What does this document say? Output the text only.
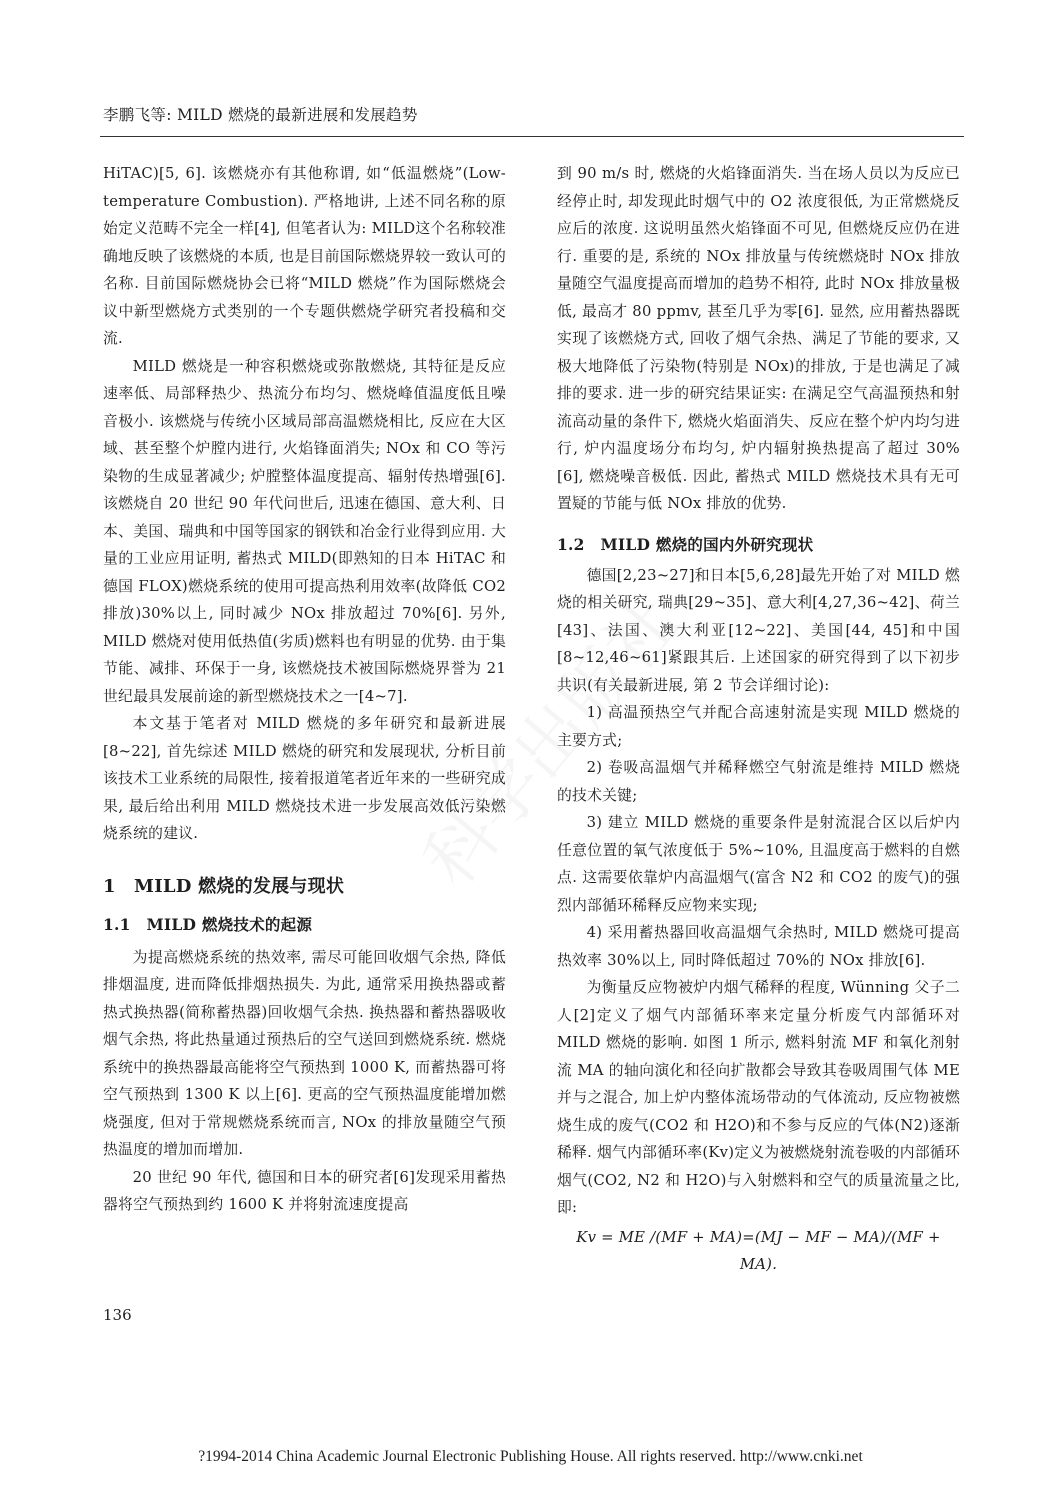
李鹏飞等: MILD 燃烧的最新进展和发展趋势

HiTAC)[5, 6]. 该燃烧亦有其他称谓, 如“低温燃烧”(Low-temperature Combustion). 严格地讲, 上述不同名称的原始定义范畴不完全一样[4], 但笔者认为: MILD这个名称较准确地反映了该燃烧的本质, 也是目前国际燃烧界较一致认可的名称. 目前国际燃烧协会已将“MILD 燃烧”作为国际燃烧会议中新型燃烧方式类别的一个专题供燃烧学研究者投稿和交流.

MILD 燃烧是一种容积燃烧或弥散燃烧, 其特征是反应速率低、局部释热少、热流分布均匀、燃烧峰值温度低且噪音极小. 该燃烧与传统小区域局部高温燃烧相比, 反应在大区域、甚至整个炉膛内进行, 火焰锋面消失; NOx 和 CO 等污染物的生成显著减少; 炉膛整体温度提高、辐射传热增强[6]. 该燃烧自 20 世纪 90 年代问世后, 迅速在德国、意大利、日本、美国、瑞典和中国等国家的钢铁和冶金行业得到应用. 大量的工业应用证明, 蓄热式 MILD(即熟知的日本 HiTAC 和德国 FLOX)燃烧系统的使用可提高热利用效率(故降低 CO2 排放)30%以上, 同时减少 NOx 排放超过 70%[6]. 另外, MILD 燃烧对使用低热值(劣质)燃料也有明显的优势. 由于集节能、减排、环保于一身, 该燃烧技术被国际燃烧界誉为 21 世纪最具发展前途的新型燃烧技术之一[4~7].

本文基于笔者对 MILD 燃烧的多年研究和最新进展[8~22], 首先综述 MILD 燃烧的研究和发展现状, 分析目前该技术工业系统的局限性, 接着报道笔者近年来的一些研究成果, 最后给出利用 MILD 燃烧技术进一步发展高效低污染燃烧系统的建议.

1　MILD 燃烧的发展与现状
1.1　MILD 燃烧技术的起源

为提高燃烧系统的热效率, 需尽可能回收烟气余热, 降低排烟温度, 进而降低排烟热损失. 为此, 通常采用换热器或蓄热式换热器(简称蓄热器)回收烟气余热. 换热器和蓄热器吸收烟气余热, 将此热量通过预热后的空气送回到燃烧系统. 燃烧系统中的换热器最高能将空气预热到 1000 K, 而蓄热器可将空气预热到 1300 K 以上[6]. 更高的空气预热温度能增加燃烧强度, 但对于常规燃烧系统而言, NOx 的排放量随空气预热温度的增加而增加.

20 世纪 90 年代, 德国和日本的研究者[6]发现采用蓄热器将空气预热到约 1600 K 并将射流速度提高

到 90 m/s 时, 燃烧的火焰锋面消失. 当在场人员以为反应已经停止时, 却发现此时烟气中的 O2 浓度很低, 为正常燃烧反应后的浓度. 这说明虽然火焰锋面不可见, 但燃烧反应仍在进行. 重要的是, 系统的 NOx 排放量与传统燃烧时 NOx 排放量随空气温度提高而增加的趋势不相符, 此时 NOx 排放量极低, 最高才 80 ppmv, 甚至几乎为零[6]. 显然, 应用蓄热器既实现了该燃烧方式, 回收了烟气余热、满足了节能的要求, 又极大地降低了污染物(特别是 NOx)的排放, 于是也满足了减排的要求. 进一步的研究结果证实: 在满足空气高温预热和射流高动量的条件下, 燃烧火焰面消失、反应在整个炉内均匀进行, 炉内温度场分布均匀, 炉内辐射换热提高了超过 30% [6], 燃烧噪音极低. 因此, 蓄热式 MILD 燃烧技术具有无可置疑的节能与低 NOx 排放的优势.

1.2　MILD 燃烧的国内外研究现状

德国[2,23~27]和日本[5,6,28]最先开始了对 MILD 燃烧的相关研究, 瑞典[29~35]、意大利[4,27,36~42]、荷兰[43]、法国、澳大利亚[12~22]、美国[44, 45]和中国[8~12,46~61]紧跟其后. 上述国家的研究得到了以下初步共识(有关最新进展, 第 2 节会详细讨论):

1) 高温预热空气并配合高速射流是实现 MILD 燃烧的主要方式;

2) 卷吸高温烟气并稀释燃空气射流是维持 MILD 燃烧的技术关键;

3) 建立 MILD 燃烧的重要条件是射流混合区以后炉内任意位置的氧气浓度低于 5%~10%, 且温度高于燃料的自燃点. 这需要依靠炉内高温烟气(富含 N2 和 CO2 的废气)的强烈内部循环稀释反应物来实现;

4) 采用蓄热器回收高温烟气余热时, MILD 燃烧可提高热效率 30%以上, 同时降低超过 70%的 NOx 排放[6].

为衡量反应物被炉内烟气稀释的程度, Wünning 父子二人[2]定义了烟气内部循环率来定量分析废气内部循环对 MILD 燃烧的影响. 如图 1 所示, 燃料射流 MF 和氧化剂射流 MA 的轴向演化和径向扩散都会导致其卷吸周围气体 ME 并与之混合, 加上炉内整体流场带动的气体流动, 反应物被燃烧生成的废气(CO2 和 H2O)和不参与反应的气体(N2)逐渐稀释. 烟气内部循环率(Kv)定义为被燃烧射流卷吸的内部循环烟气(CO2, N2 和 H2O)与入射燃料和空气的质量流量之比, 即:

Kv = ME /(MF + MA)=(MJ − MF − MA)/(MF + MA).

136
?1994-2014 China Academic Journal Electronic Publishing House. All rights reserved. http://www.cnki.net
